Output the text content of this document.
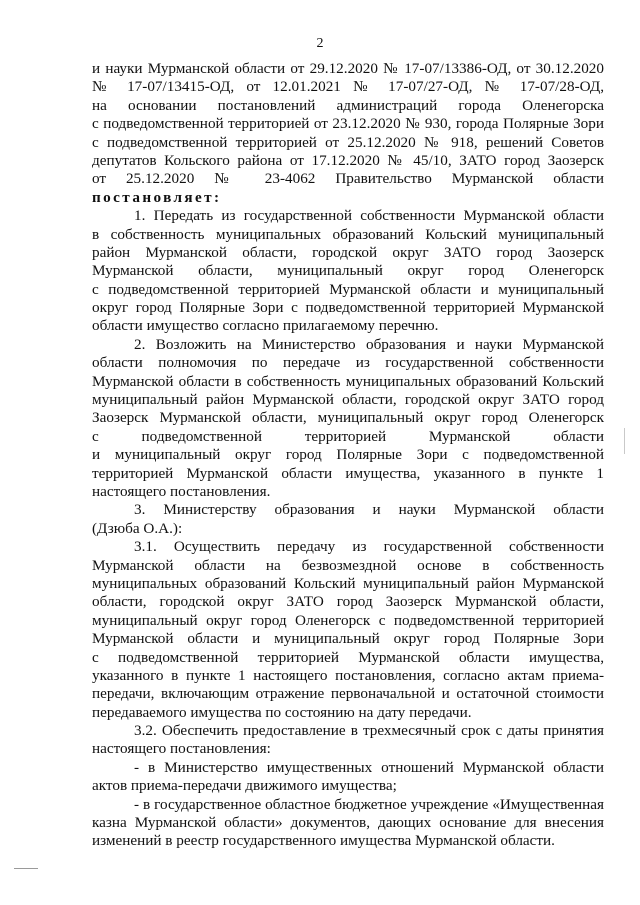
2
и науки Мурманской области от 29.12.2020 № 17-07/13386-ОД, от 30.12.2020
№ 17-07/13415-ОД, от 12.01.2021 № 17-07/27-ОД, № 17-07/28-ОД,
на основании постановлений администраций города Оленегорска
с подведомственной территорией от 23.12.2020 № 930, города Полярные Зори
с подведомственной территорией от 25.12.2020 № 918, решений Советов
депутатов Кольского района от 17.12.2020 № 45/10, ЗАТО город Заозерск
от 25.12.2020 № 23-4062 Правительство Мурманской области
постановляет:
1. Передать из государственной собственности Мурманской области
в собственность муниципальных образований Кольский муниципальный
район Мурманской области, городской округ ЗАТО город Заозерск
Мурманской области, муниципальный округ город Оленегорск
с подведомственной территорией Мурманской области и муниципальный
округ город Полярные Зори с подведомственной территорией Мурманской
области имущество согласно прилагаемому перечню.
2. Возложить на Министерство образования и науки Мурманской
области полномочия по передаче из государственной собственности
Мурманской области в собственность муниципальных образований Кольский
муниципальный район Мурманской области, городской округ ЗАТО город
Заозерск Мурманской области, муниципальный округ город Оленегорск
с подведомственной территорией Мурманской области
и муниципальный округ город Полярные Зори с подведомственной
территорией Мурманской области имущества, указанного в пункте 1
настоящего постановления.
3. Министерству образования и науки Мурманской области
(Дзюба О.А.):
3.1. Осуществить передачу из государственной собственности
Мурманской области на безвозмездной основе в собственность
муниципальных образований Кольский муниципальный район Мурманской
области, городской округ ЗАТО город Заозерск Мурманской области,
муниципальный округ город Оленегорск с подведомственной территорией
Мурманской области и муниципальный округ город Полярные Зори
с подведомственной территорией Мурманской области имущества,
указанного в пункте 1 настоящего постановления, согласно актам приема-
передачи, включающим отражение первоначальной и остаточной стоимости
передаваемого имущества по состоянию на дату передачи.
3.2. Обеспечить предоставление в трехмесячный срок с даты принятия
настоящего постановления:
- в Министерство имущественных отношений Мурманской области
актов приема-передачи движимого имущества;
- в государственное областное бюджетное учреждение «Имущественная
казна Мурманской области» документов, дающих основание для внесения
изменений в реестр государственного имущества Мурманской области.
